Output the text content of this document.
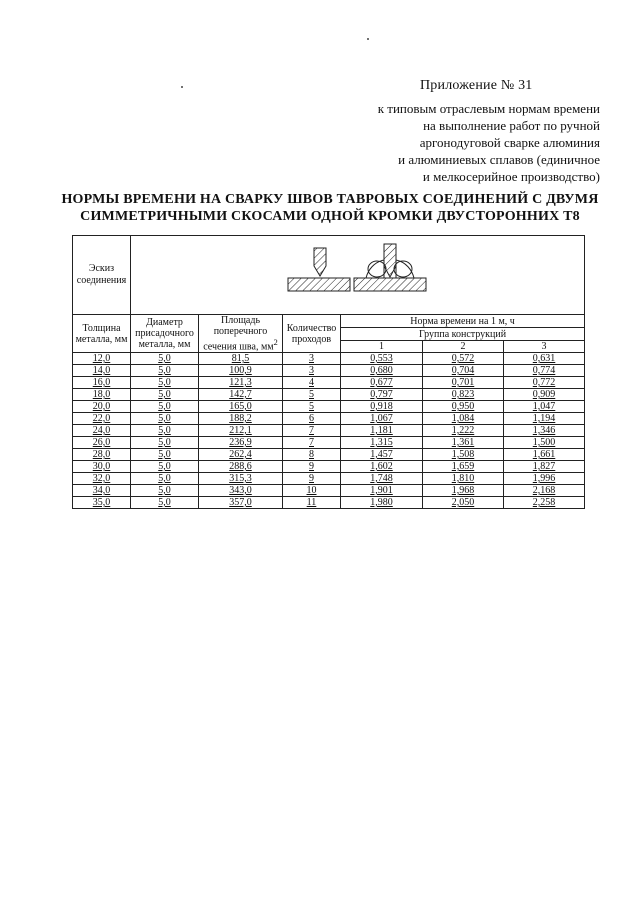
Приложение № 31
к типовым отраслевым нормам времени
на выполнение работ по ручной
аргонодуговой сварке алюминия
и алюминиевых сплавов (единичное
и мелкосерийное производство)
НОРМЫ ВРЕМЕНИ НА СВАРКУ ШВОВ ТАВРОВЫХ СОЕДИНЕНИЙ С ДВУМЯ
СИММЕТРИЧНЫМИ СКОСАМИ ОДНОЙ КРОМКИ ДВУСТОРОННИХ Т8
Эскиз соединения	
Толщина металла, мм	Диаметр присадочного металла, мм	Площадь поперечного сечения шва, $мм^2$	Количество проходов	Норма времени на 1 м, ч		
				Группа конструкций		
				1	2	3
12,0	5,0	81,5	3	0,553	0,572	0,631
14,0	5,0	100,9	3	0,680	0,704	0,774
16,0	5,0	121,3	4	0,677	0,701	0,772
18,0	5,0	142,7	5	0,797	0,823	0,909
20,0	5,0	165,0	5	0,918	0,950	1,047
22,0	5,0	188,2	6	1,067	1,084	1,194
24,0	5,0	212,1	7	1,181	1,222	1,346
26,0	5,0	236,9	7	1,315	1,361	1,500
28,0	5,0	262,4	8	1,457	1,508	1,661
30,0	5,0	288,6	9	1,602	1,659	1,827
32,0	5,0	315,3	9	1,748	1,810	1,996
34,0	5,0	343,0	10	1,901	1,968	2,168
35,0	5,0	357,0	11	1,980	2,050	2,258
